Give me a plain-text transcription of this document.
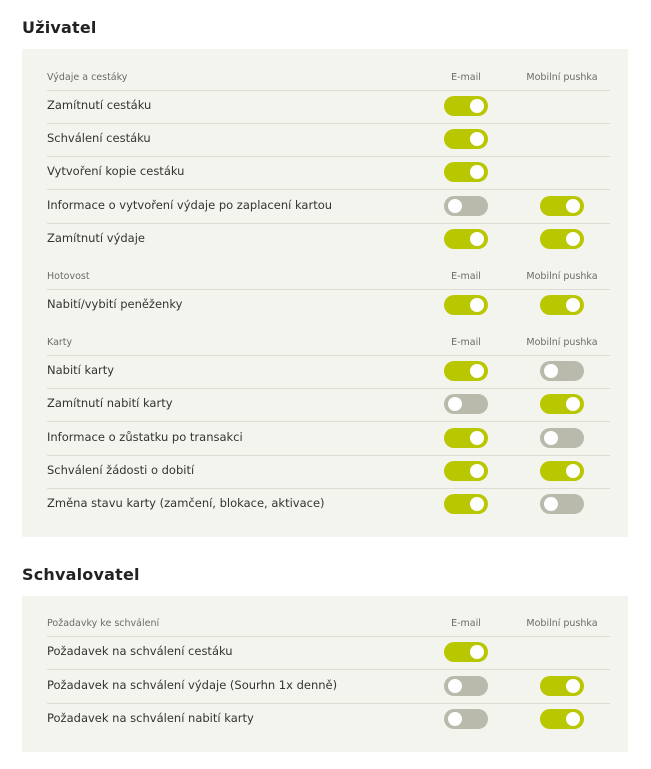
Uživatel
Výdaje a cestáky	E-mail	Mobilní pushka
Zamítnutí cestáku
Schválení cestáku
Vytvoření kopie cestáku
Informace o vytvoření výdaje po zaplacení kartou
Zamítnutí výdaje
Hotovost	E-mail	Mobilní pushka
Nabití/vybití peněženky
Karty	E-mail	Mobilní pushka
Nabití karty
Zamítnutí nabití karty
Informace o zůstatku po transakci
Schválení žádosti o dobití
Změna stavu karty (zamčení, blokace, aktivace)
Schvalovatel
Požadavky ke schválení	E-mail	Mobilní pushka
Požadavek na schválení cestáku
Požadavek na schválení výdaje (Sourhn 1x denně)
Požadavek na schválení nabití karty
